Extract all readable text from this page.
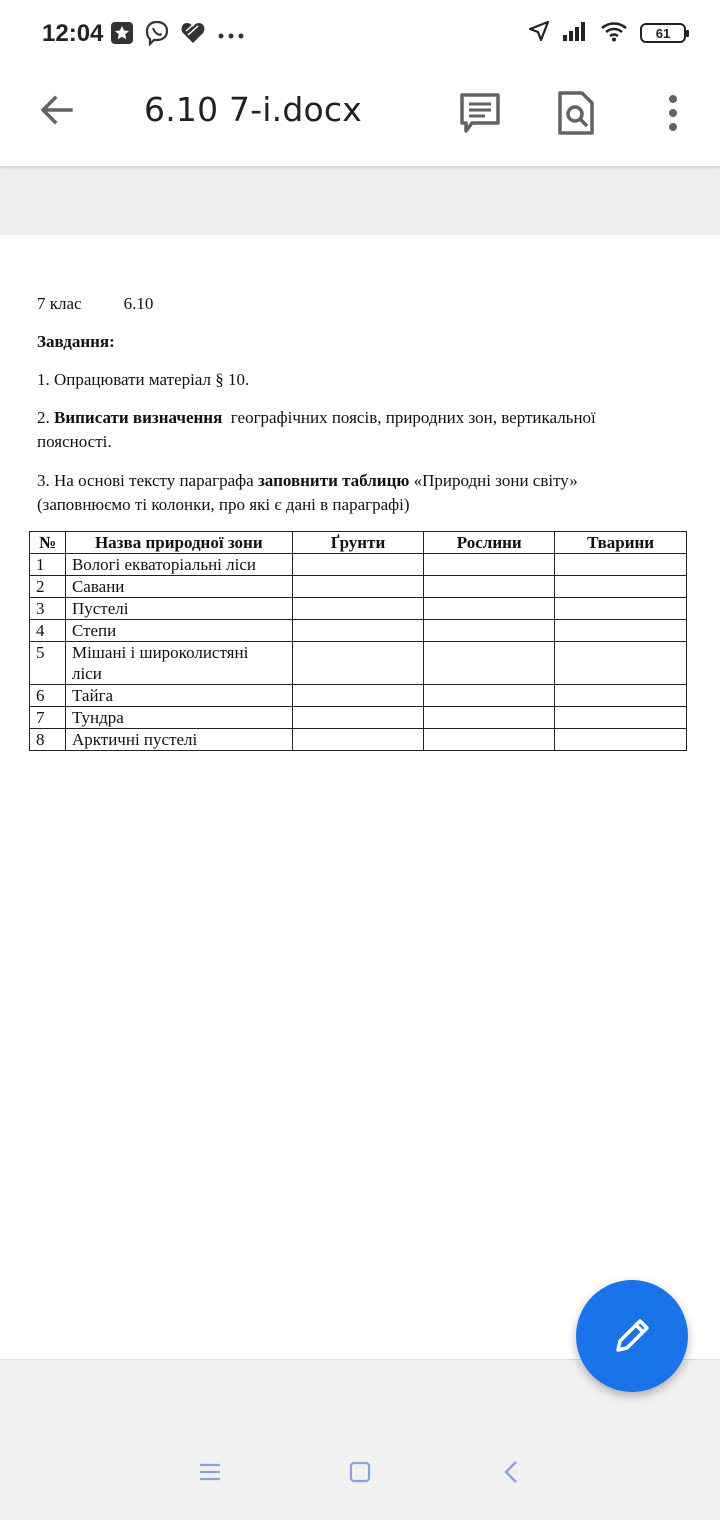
12:04	61
6.10 7-і.docx
7 клас 6.10
Завдання:
1. Опрацювати матеріал § 10.
2. Виписати визначення  географічних поясів, природних зон, вертикальної
поясності.
3. На основі тексту параграфа заповнити таблицю «Природні зони світу»
(заповнюємо ті колонки, про які є дані в параграфі)
№	Назва природної зони	Ґрунти	Рослини	Тварини
1	Вологі екваторіальні ліси			
2	Савани			
3	Пустелі			
4	Степи			
5	Мішані і широколистяні ліси			
6	Тайга			
7	Тундра			
8	Арктичні пустелі			
